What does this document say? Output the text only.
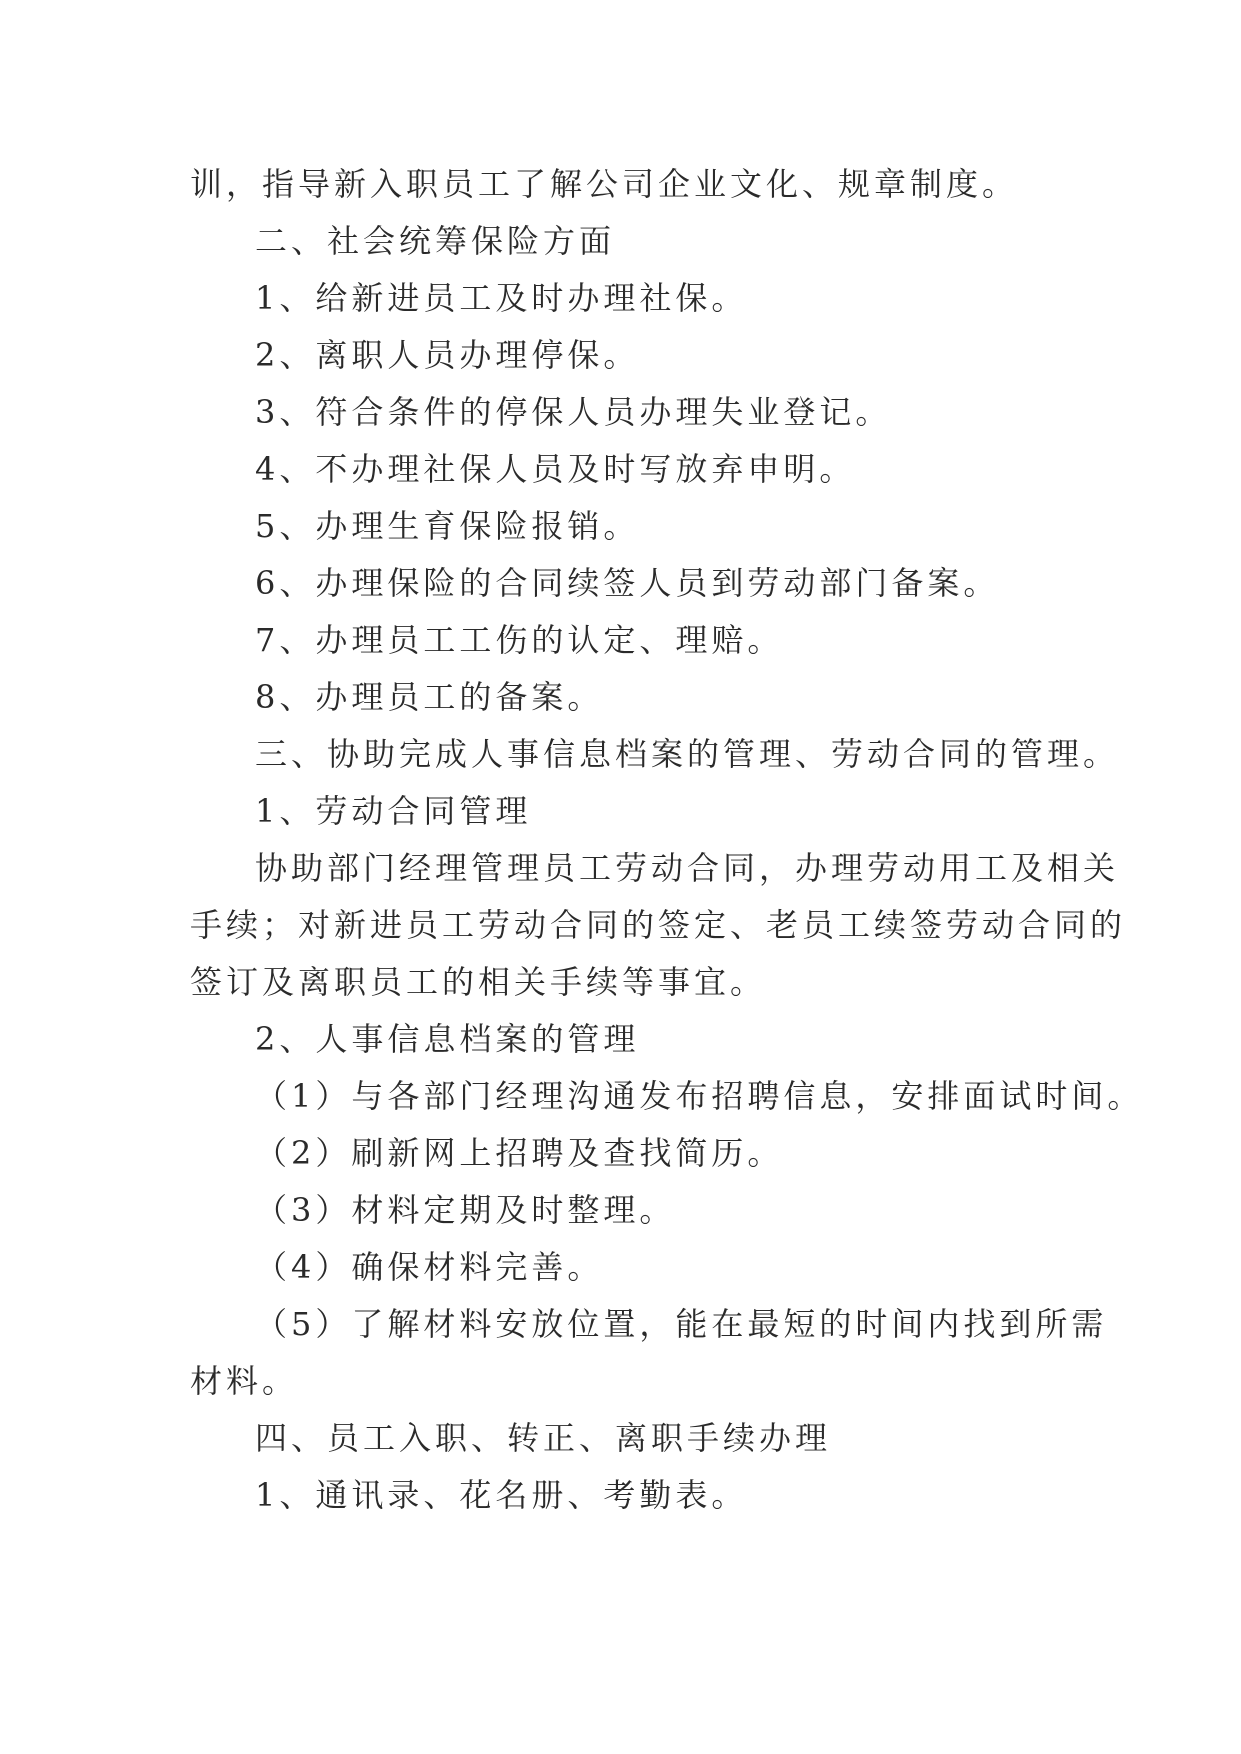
训，指导新入职员工了解公司企业文化、规章制度。

二、社会统筹保险方面

1、给新进员工及时办理社保。

2、离职人员办理停保。

3、符合条件的停保人员办理失业登记。

4、不办理社保人员及时写放弃申明。

5、办理生育保险报销。

6、办理保险的合同续签人员到劳动部门备案。

7、办理员工工伤的认定、理赔。

8、办理员工的备案。

三、协助完成人事信息档案的管理、劳动合同的管理。

1、劳动合同管理

协助部门经理管理员工劳动合同，办理劳动用工及相关

手续；对新进员工劳动合同的签定、老员工续签劳动合同的

签订及离职员工的相关手续等事宜。

2、人事信息档案的管理

（1）与各部门经理沟通发布招聘信息，安排面试时间。

（2）刷新网上招聘及查找简历。

（3）材料定期及时整理。

（4）确保材料完善。

（5）了解材料安放位置，能在最短的时间内找到所需

材料。

四、员工入职、转正、离职手续办理

1、通讯录、花名册、考勤表。
